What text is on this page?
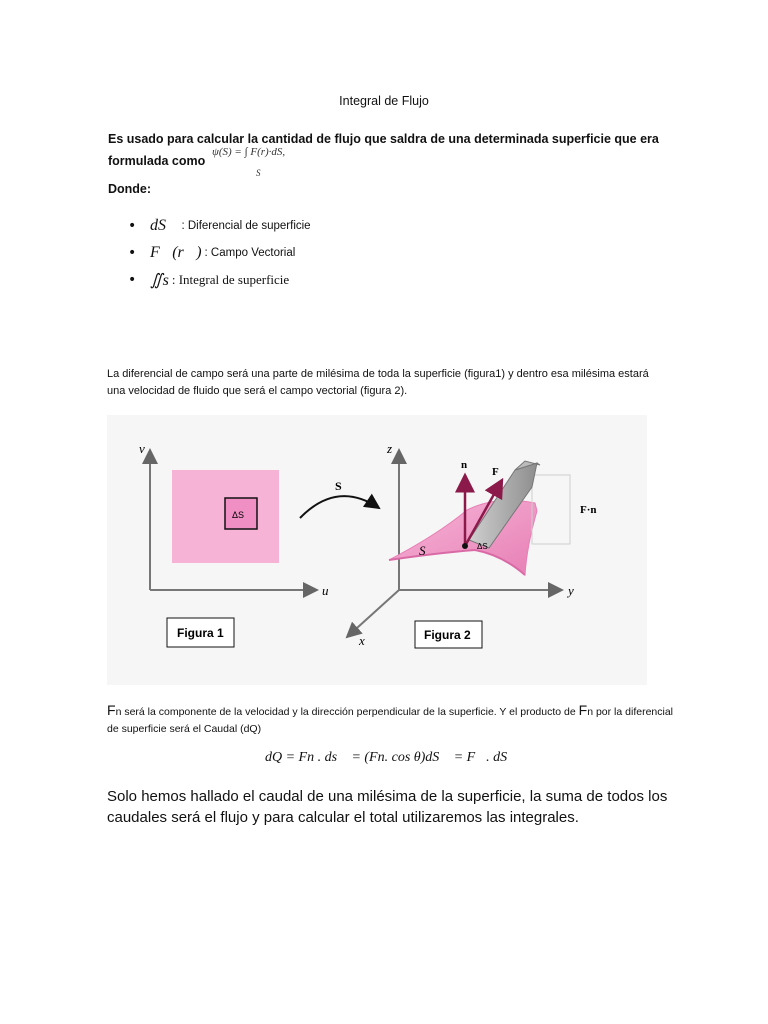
Integral de Flujo
Es usado para calcular la cantidad de flujo que saldra de una determinada superficie que era formulada como
ψ(S) = ∫ F(r)·dS,
S
Donde:
• dS⃗ : Diferencial de superficie
• F⃗(r⃗) : Campo Vectorial
• ∬s : Integral de superficie
La diferencial de campo será una parte de milésima de toda la superficie (figura1) y dentro esa milésima estará una velocidad de fluido que será el campo vectorial (figura 2).
v
u
ΔS
S
z
y
x
S
F·n
n
F
ΔS
Figura 1	Figura 2
Fn será la componente de la velocidad y la dirección perpendicular de la superficie. Y el producto de Fn por la diferencial de superficie será el Caudal (dQ)
dQ = Fn . ds⃗ = (Fn. cos θ)dS⃗ = F⃗. dS⃗
Solo hemos hallado el caudal de una milésima de la superficie, la suma de todos los caudales será el flujo y para calcular el total utilizaremos las integrales.
